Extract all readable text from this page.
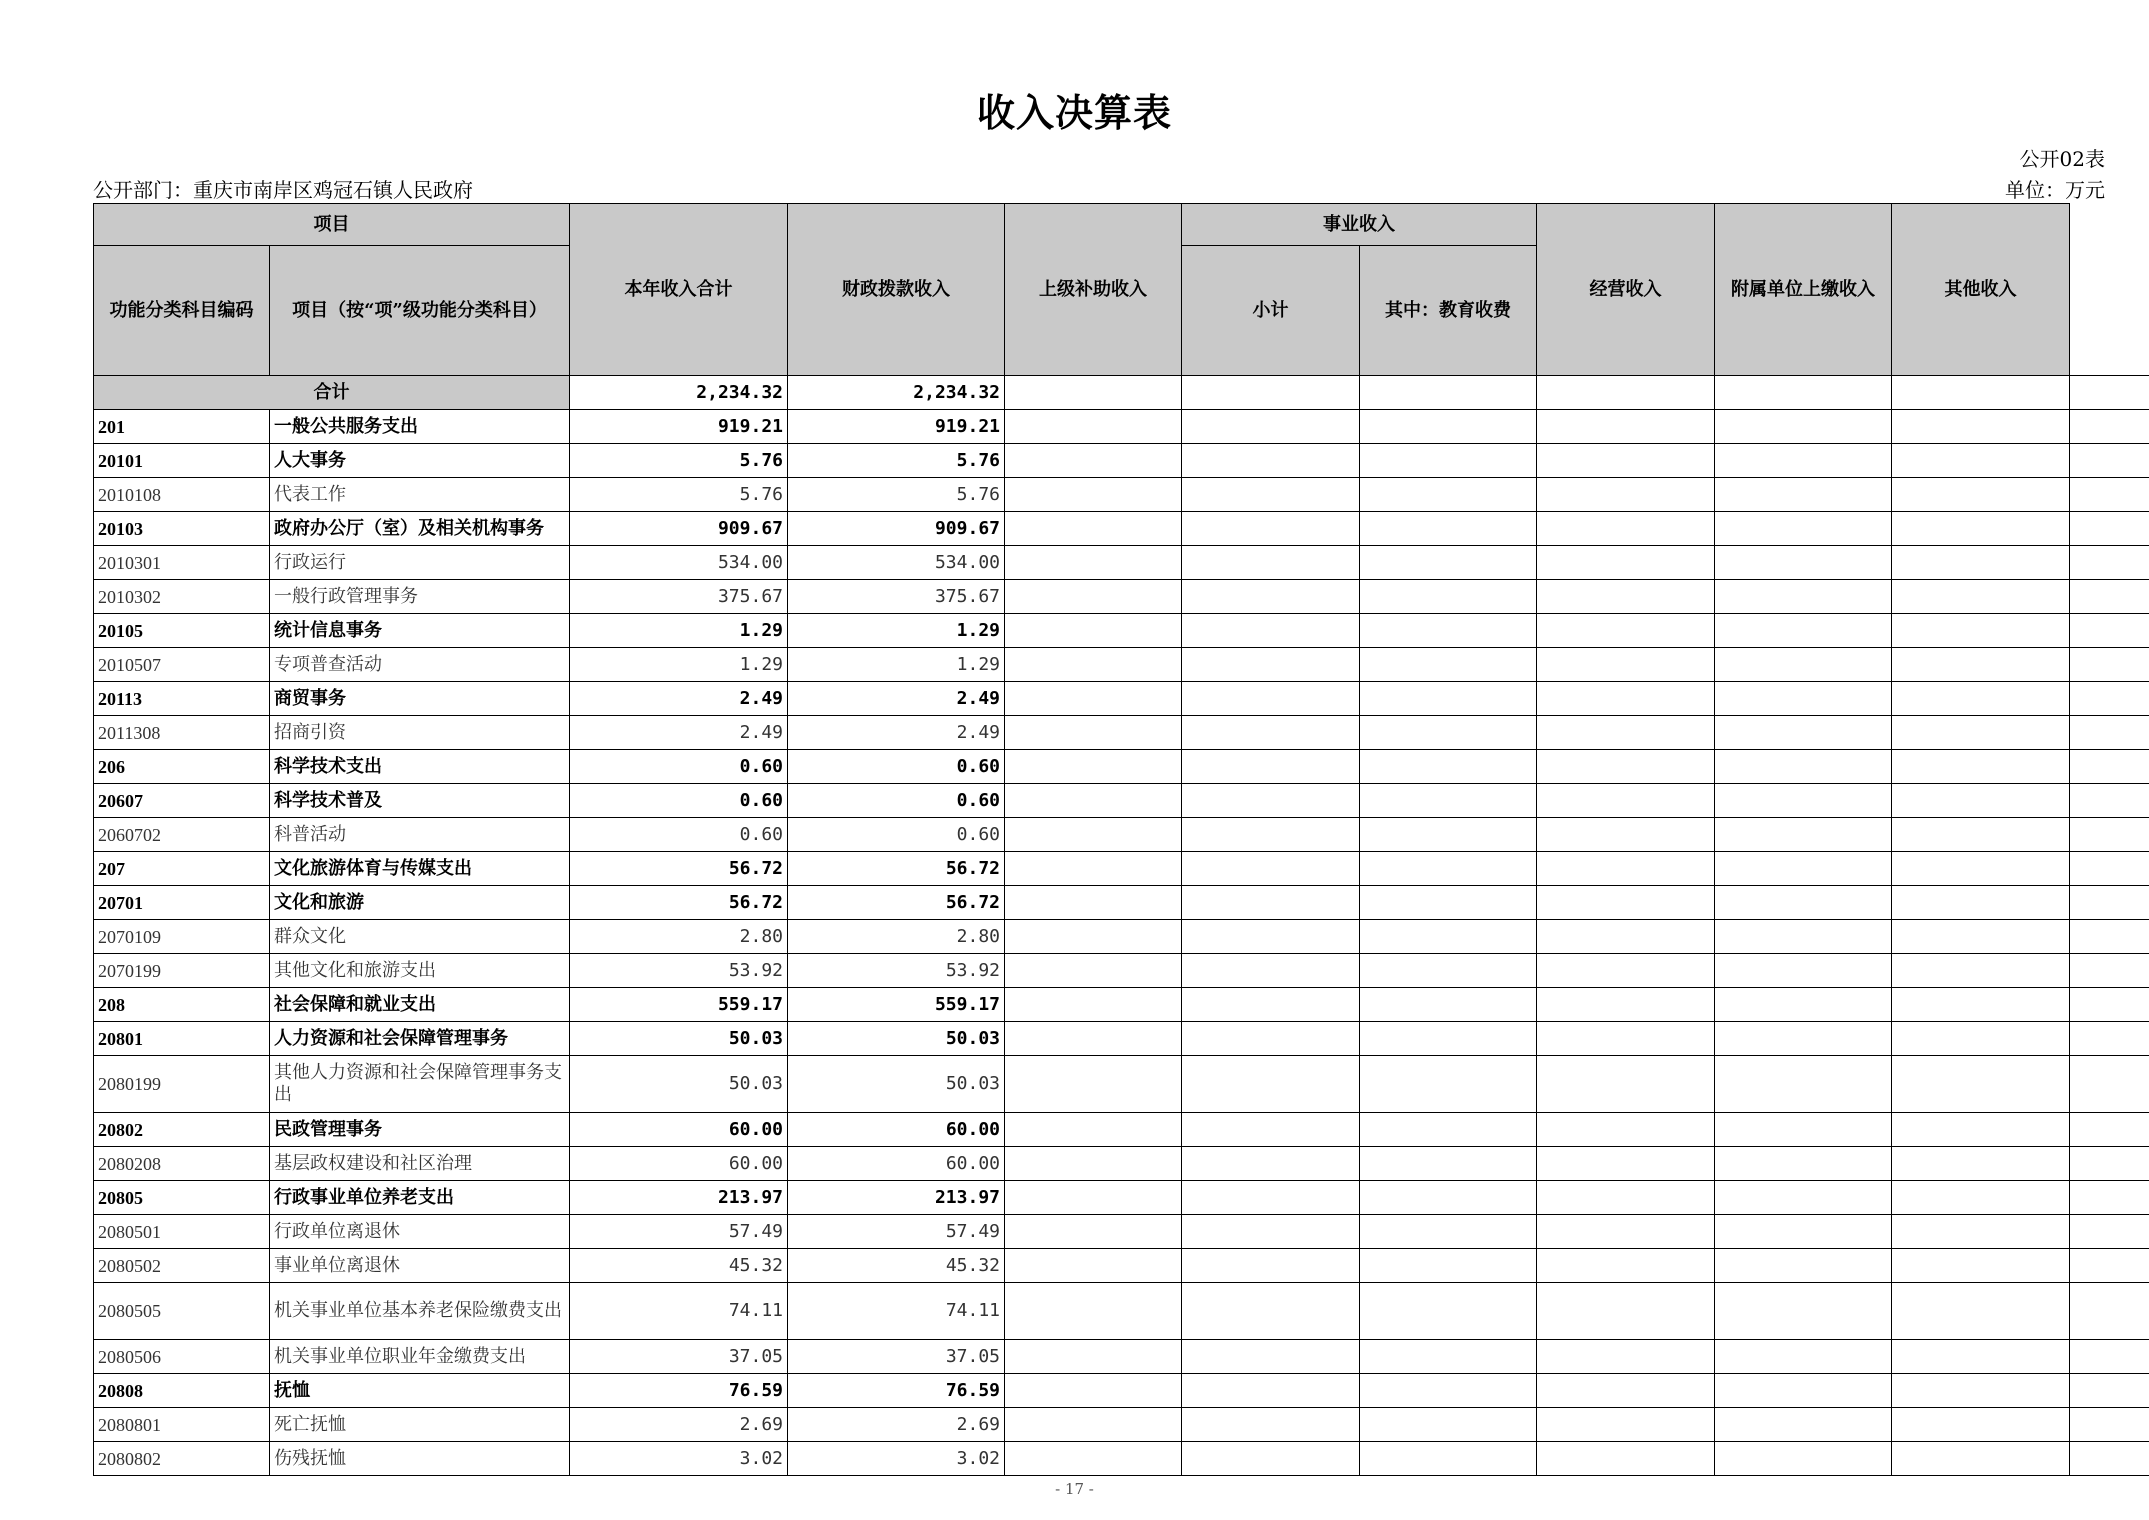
收入决算表
公开02表
公开部门：重庆市南岸区鸡冠石镇人民政府	单位：万元
项目		本年收入合计	财政拨款收入	上级补助收入	事业收入		经营收入	附属单位上缴收入	其他收入	
功能分类科目编码	项目（按“项”级功能分类科目）				小计	其中：教育收费				
合计		2,234.32	2,234.32							
201	一般公共服务支出	919.21	919.21							
20101	人大事务	5.76	5.76							
2010108	代表工作	5.76	5.76							
20103	政府办公厅（室）及相关机构事务	909.67	909.67							
2010301	行政运行	534.00	534.00							
2010302	一般行政管理事务	375.67	375.67							
20105	统计信息事务	1.29	1.29							
2010507	专项普查活动	1.29	1.29							
20113	商贸事务	2.49	2.49							
2011308	招商引资	2.49	2.49							
206	科学技术支出	0.60	0.60							
20607	科学技术普及	0.60	0.60							
2060702	科普活动	0.60	0.60							
207	文化旅游体育与传媒支出	56.72	56.72							
20701	文化和旅游	56.72	56.72							
2070109	群众文化	2.80	2.80							
2070199	其他文化和旅游支出	53.92	53.92							
208	社会保障和就业支出	559.17	559.17							
20801	人力资源和社会保障管理事务	50.03	50.03							
2080199	其他人力资源和社会保障管理事务支出	50.03	50.03							
20802	民政管理事务	60.00	60.00							
2080208	基层政权建设和社区治理	60.00	60.00							
20805	行政事业单位养老支出	213.97	213.97							
2080501	行政单位离退休	57.49	57.49							
2080502	事业单位离退休	45.32	45.32							
2080505	机关事业单位基本养老保险缴费支出	74.11	74.11							
2080506	机关事业单位职业年金缴费支出	37.05	37.05							
20808	抚恤	76.59	76.59							
2080801	死亡抚恤	2.69	2.69							
2080802	伤残抚恤	3.02	3.02							
- 17 -
